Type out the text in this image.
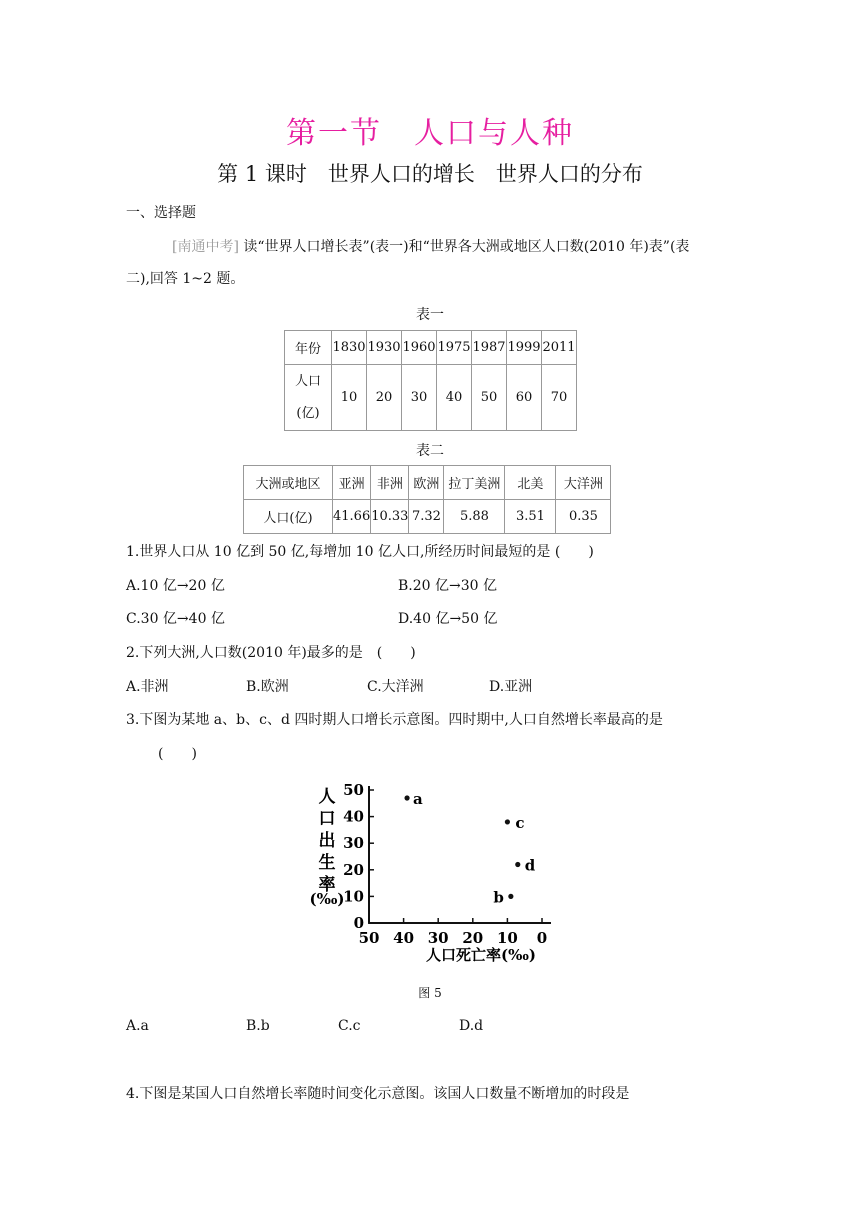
第一节　人口与人种
第 1 课时　世界人口的增长　世界人口的分布
一、选择题
[南通中考] 读“世界人口增长表”(表一)和“世界各大洲或地区人口数(2010 年)表”(表
二),回答 1~2 题。
表一
年份	1830	1930	1960	1975	1987	1999	2011

人口
(亿)	10	20	30	40	50	60	70
表二
大洲或地区	亚洲	非洲	欧洲	拉丁美洲	北美	大洋洲
人口(亿)	41.66	10.33	7.32	5.88	3.51	0.35
1.世界人口从 10 亿到 50 亿,每增加 10 亿人口,所经历时间最短的是 (　　)
A.10 亿→20 亿	B.20 亿→30 亿
C.30 亿→40 亿	D.40 亿→50 亿
2.下列大洲,人口数(2010 年)最多的是　(　　)
A.非洲	B.欧洲	C.大洋洲	D.亚洲
3.下图为某地 a、b、c、d 四时期人口增长示意图。四时期中,人口自然增长率最高的是
(　　)
人
口
出
生
率
(‰)
50
40
30
20
10
0
50 40 30 20 10 0
a
c
d
b
人口死亡率(‰)
图 5
A.a	B.b	C.c	D.d
4.下图是某国人口自然增长率随时间变化示意图。该国人口数量不断增加的时段是
